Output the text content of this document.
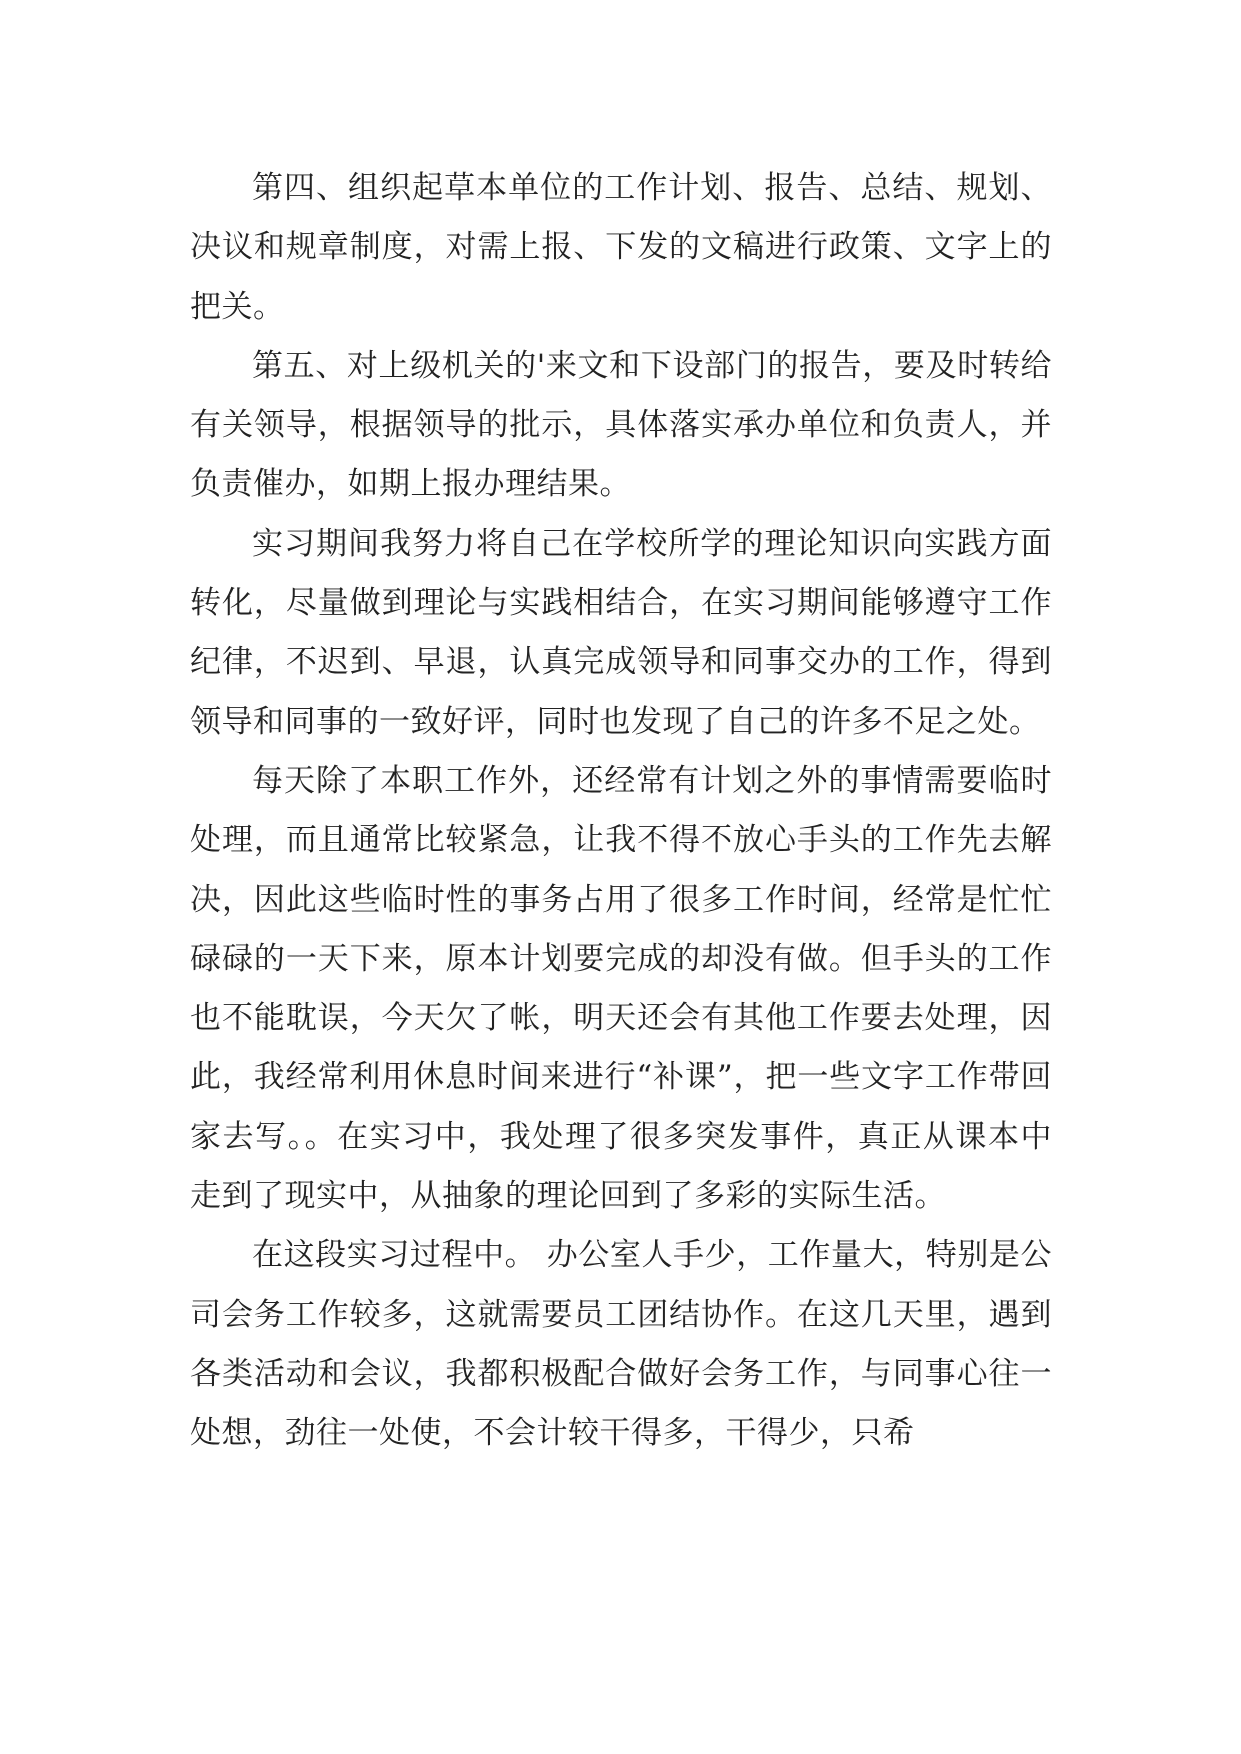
第四、组织起草本单位的工作计划、报告、总结、规划、决议和规章制度，对需上报、下发的文稿进行政策、文字上的把关。

第五、对上级机关的'来文和下设部门的报告，要及时转给有关领导，根据领导的批示，具体落实承办单位和负责人，并负责催办，如期上报办理结果。

实习期间我努力将自己在学校所学的理论知识向实践方面转化，尽量做到理论与实践相结合，在实习期间能够遵守工作纪律，不迟到、早退，认真完成领导和同事交办的工作，得到领导和同事的一致好评，同时也发现了自己的许多不足之处。

每天除了本职工作外，还经常有计划之外的事情需要临时处理，而且通常比较紧急，让我不得不放心手头的工作先去解决，因此这些临时性的事务占用了很多工作时间，经常是忙忙碌碌的一天下来，原本计划要完成的却没有做。但手头的工作也不能耽误，今天欠了帐，明天还会有其他工作要去处理，因此，我经常利用休息时间来进行“补课”，把一些文字工作带回家去写。。在实习中，我处理了很多突发事件，真正从课本中走到了现实中，从抽象的理论回到了多彩的实际生活。

在这段实习过程中。 办公室人手少，工作量大，特别是公司会务工作较多，这就需要员工团结协作。在这几天里，遇到各类活动和会议，我都积极配合做好会务工作，与同事心往一处想，劲往一处使，不会计较干得多，干得少，只希
